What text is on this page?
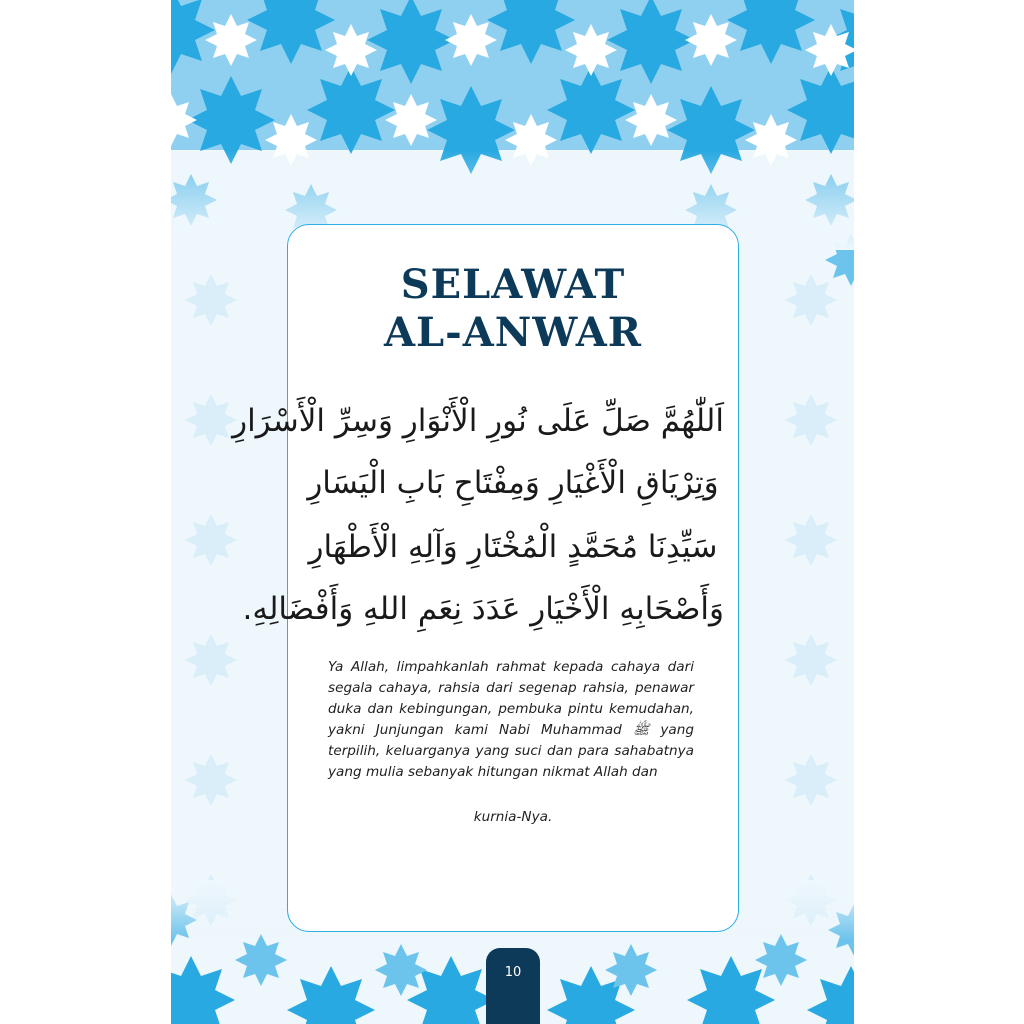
SELAWAT
AL-ANWAR

اَللّٰهُمَّ صَلِّ عَلَى نُورِ الْأَنْوَارِ وَسِرِّ الْأَسْرَارِ

وَتِرْيَاقِ الْأَغْيَارِ وَمِفْتَاحِ بَابِ الْيَسَارِ

سَيِّدِنَا مُحَمَّدٍ الْمُخْتَارِ وَآلِهِ الْأَطْهَارِ

وَأَصْحَابِهِ الْأَخْيَارِ عَدَدَ نِعَمِ اللهِ وَأَفْضَالِهِ.

Ya Allah, limpahkanlah rahmat kepada cahaya dari segala cahaya, rahsia dari segenap rahsia, penawar duka dan kebingungan, pembuka pintu kemudahan, yakni Junjungan kami Nabi Muhammad ﷺ yang terpilih, keluarganya yang suci dan para sahabatnya yang mulia sebanyak hitungan nikmat Allah dan

kurnia-Nya.

10
